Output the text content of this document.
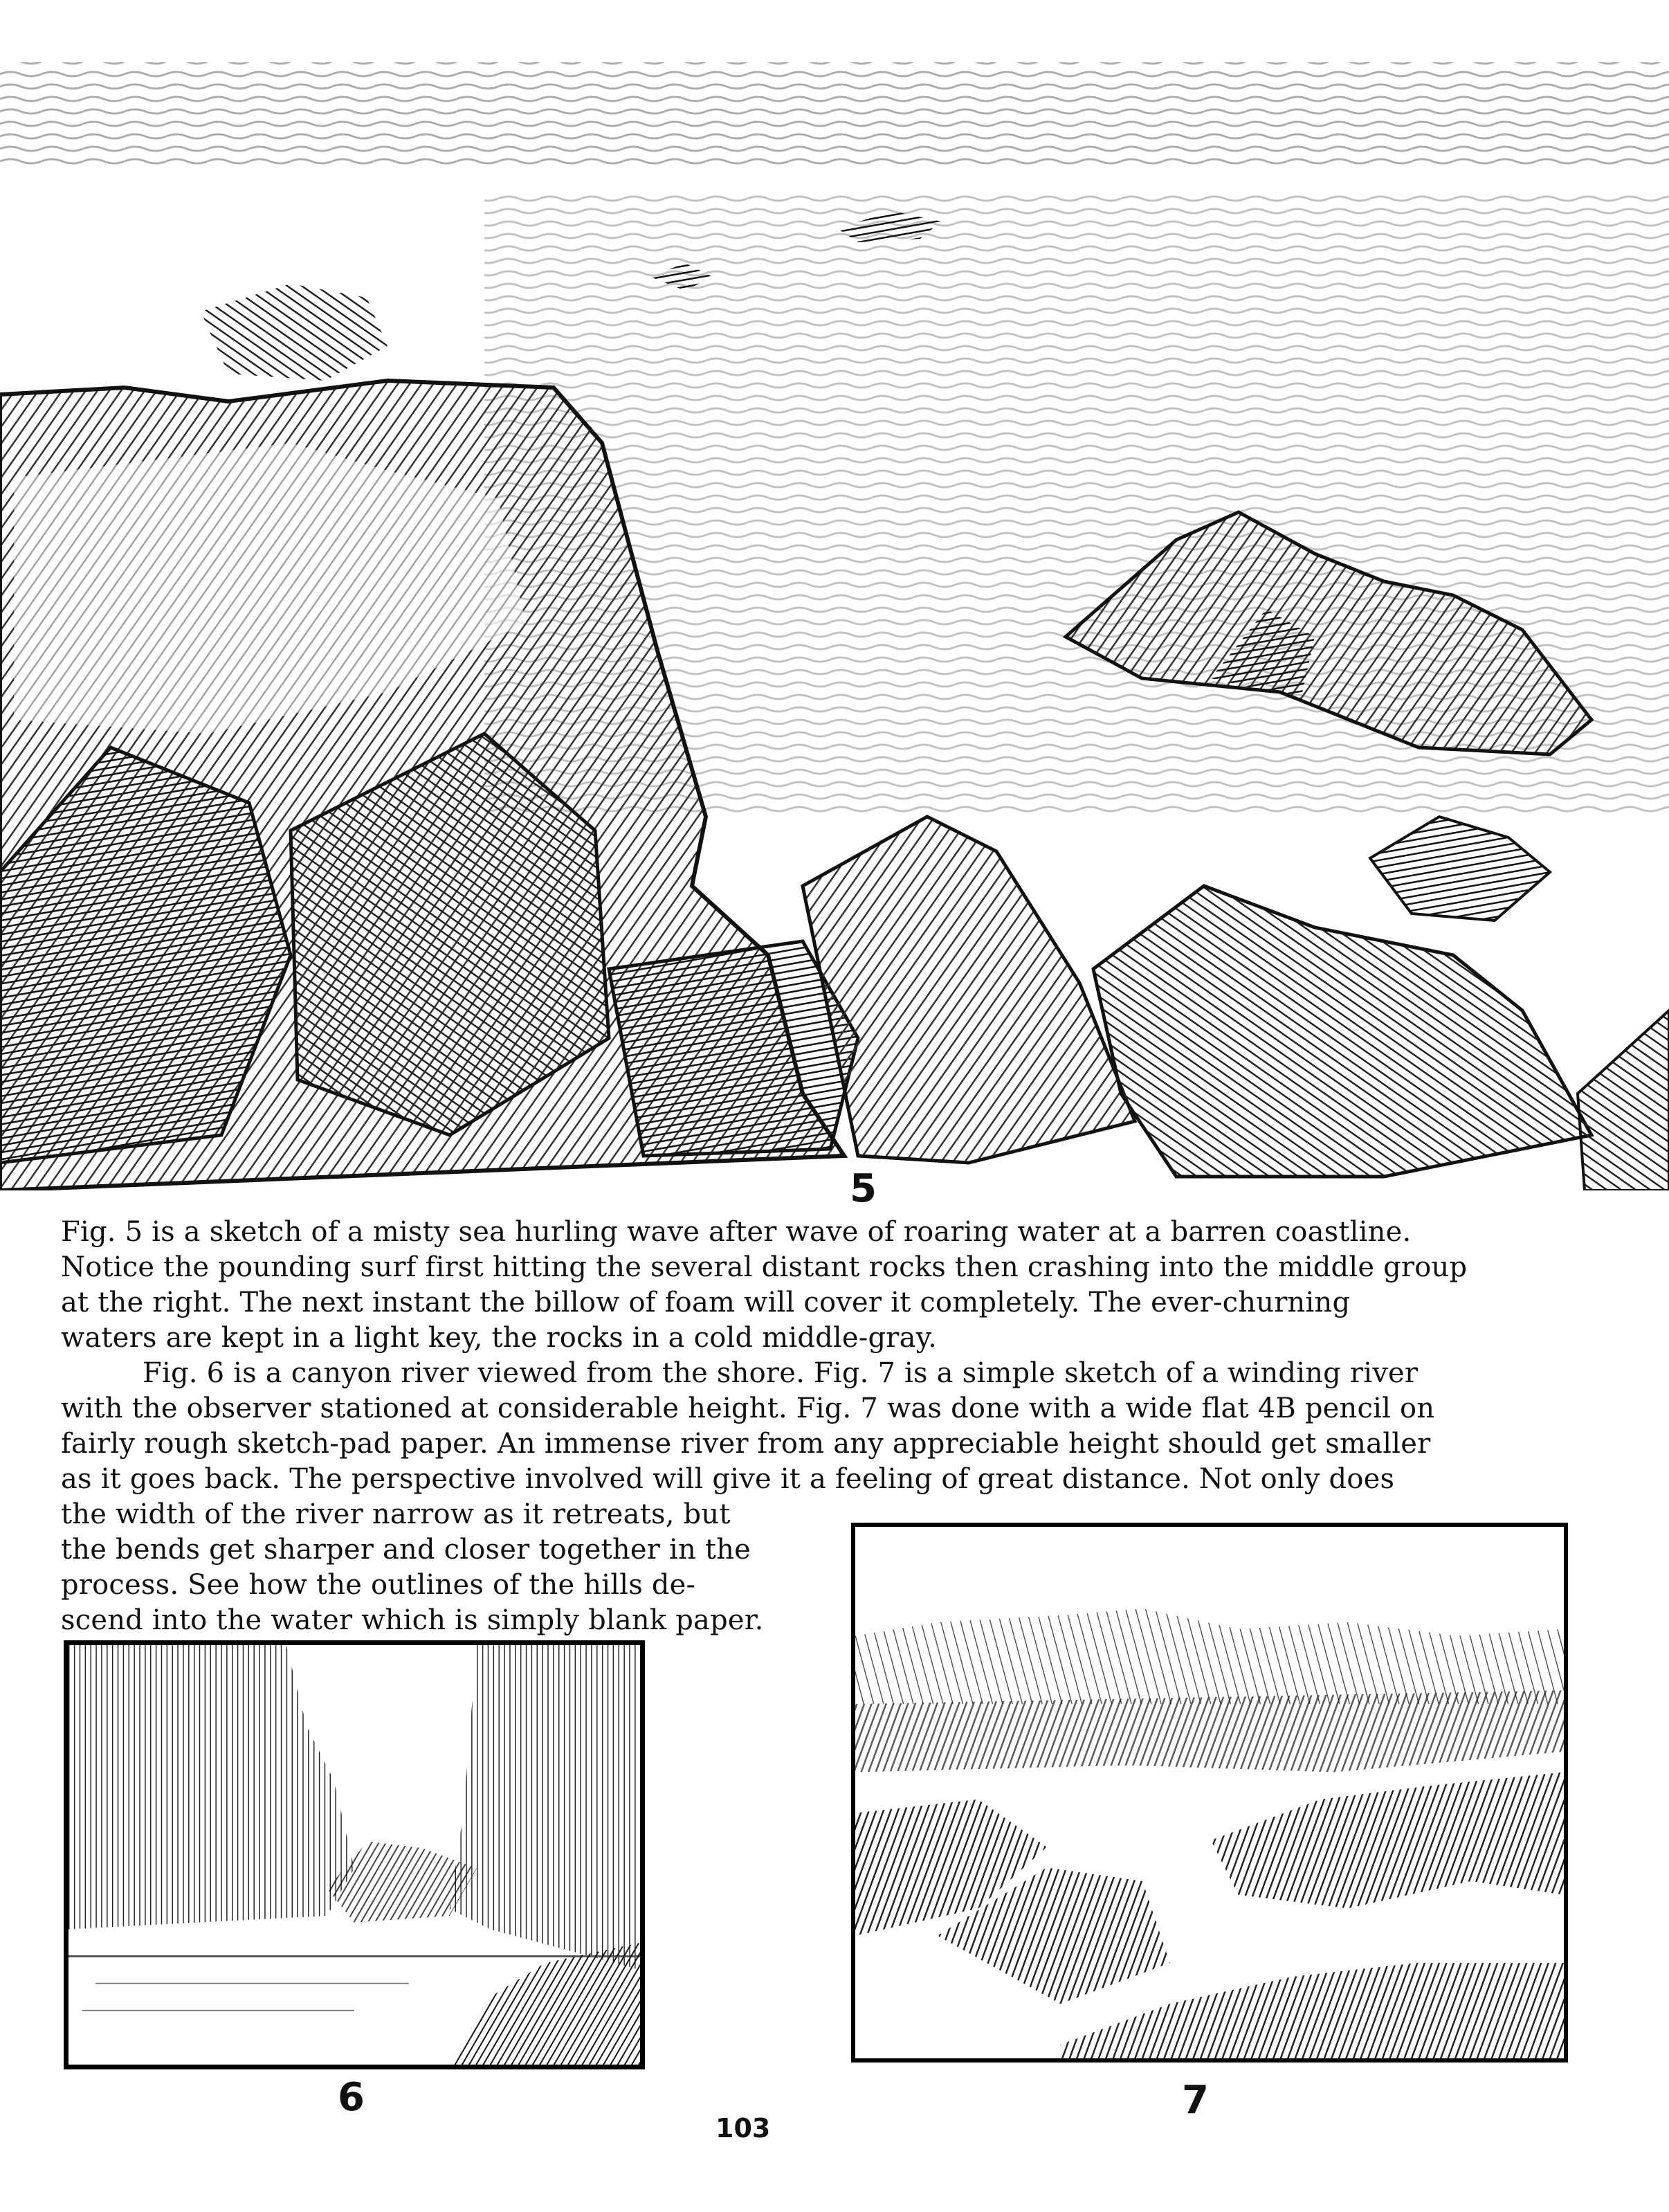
5
Fig. 5 is a sketch of a misty sea hurling wave after wave of roaring water at a barren coastline.
Notice the pounding surf first hitting the several distant rocks then crashing into the middle group
at the right. The next instant the billow of foam will cover it completely. The ever-churning
waters are kept in a light key, the rocks in a cold middle-gray.
Fig. 6 is a canyon river viewed from the shore. Fig. 7 is a simple sketch of a winding river
with the observer stationed at considerable height. Fig. 7 was done with a wide flat 4B pencil on
fairly rough sketch-pad paper. An immense river from any appreciable height should get smaller
as it goes back. The perspective involved will give it a feeling of great distance. Not only does
the width of the river narrow as it retreats, but
the bends get sharper and closer together in the
process. See how the outlines of the hills de-
scend into the water which is simply blank paper.
6	7
103
